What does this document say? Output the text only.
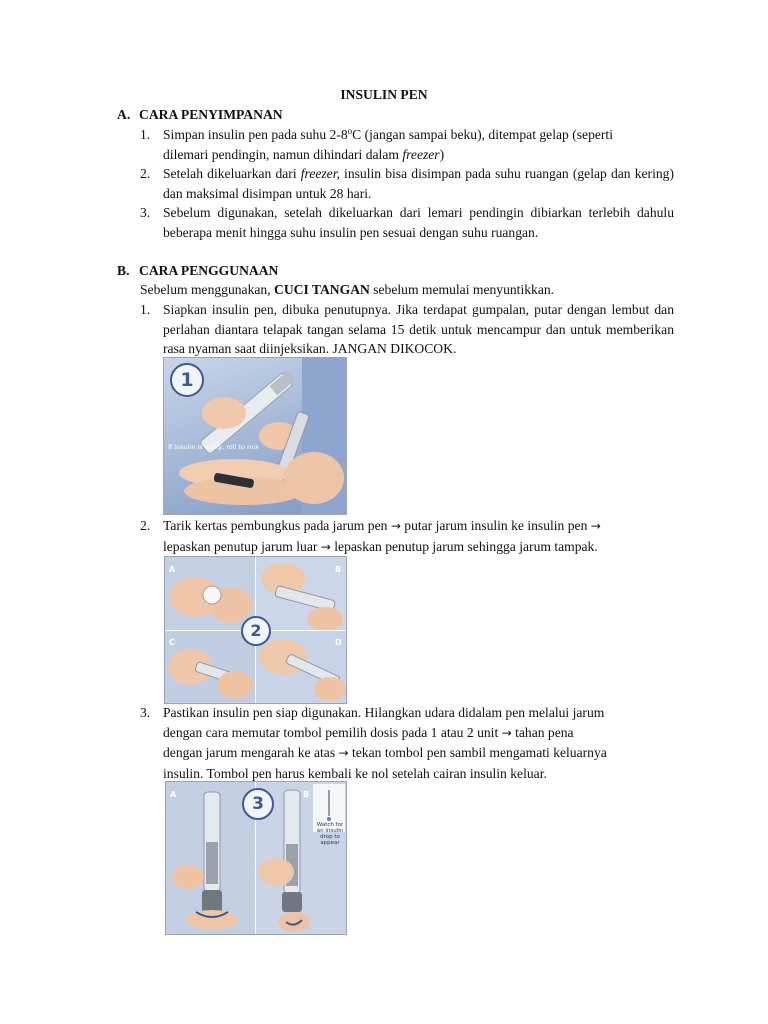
INSULIN PEN
A. CARA PENYIMPANAN
1. Simpan insulin pen pada suhu 2-8$^o$C (jangan sampai beku), ditempat gelap (seperti
dilemari pendingin, namun dihindari dalam freezer)
2. Setelah dikeluarkan dari freezer, insulin bisa disimpan pada suhu ruangan (gelap dan kering) dan maksimal disimpan untuk 28 hari.
3. Sebelum digunakan, setelah dikeluarkan dari lemari pendingin dibiarkan terlebih dahulu beberapa menit hingga suhu insulin pen sesuai dengan suhu ruangan.
B. CARA PENGGUNAAN
Sebelum menggunakan, CUCI TANGAN sebelum memulai menyuntikkan.
1. Siapkan insulin pen, dibuka penutupnya. Jika terdapat gumpalan, putar dengan lembut dan perlahan diantara telapak tangan selama 15 detik untuk mencampur dan untuk memberikan rasa nyaman saat diinjeksikan. JANGAN DIKOCOK.
1
If insulin is milky, roll to mix
2. Tarik kertas pembungkus pada jarum pen → putar jarum insulin ke insulin pen →
lepaskan penutup jarum luar → lepaskan penutup jarum sehingga jarum tampak.
A	B
C	D
2
3. Pastikan insulin pen siap digunakan. Hilangkan udara didalam pen melalui jarum
dengan cara memutar tombol pemilih dosis pada 1 atau 2 unit → tahan pena
dengan jarum mengarah ke atas → tekan tombol pen sambil mengamati keluarnya
insulin. Tombol pen harus kembali ke nol setelah cairan insulin keluar.
A	B
3
Watch for
an insulin
drop to
appear
